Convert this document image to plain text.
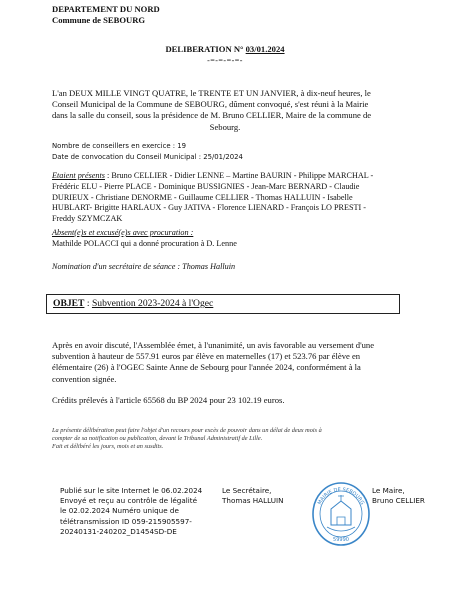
DEPARTEMENT DU NORD
Commune de SEBOURG
DELIBERATION N° 03/01.2024
-=-=-=-=-
L'an DEUX MILLE VINGT QUATRE, le TRENTE ET UN JANVIER, à dix-neuf heures, le
Conseil Municipal de la Commune de SEBOURG, dûment convoqué, s'est réuni à la Mairie
dans la salle du conseil, sous la présidence de M. Bruno CELLIER, Maire de la commune de
Sebourg.
Nombre de conseillers en exercice : 19
Date de convocation du Conseil Municipal : 25/01/2024
Etaient présents : Bruno CELLIER - Didier LENNE – Martine BAURIN - Philippe MARCHAL -
Frédéric ELU - Pierre PLACE - Dominique BUSSIGNIES - Jean-Marc BERNARD - Claudie
DURIEUX - Christiane DENORME - Guillaume CELLIER - Thomas HALLUIN - Isabelle
HUBLART- Brigitte HARLAUX - Guy JATIVA - Florence LIENARD - François LO PRESTI -
Freddy SZYMCZAK
Absent(e)s et excusé(e)s avec procuration :
Mathilde POLACCI qui a donné procuration à D. Lenne
Nomination d'un secrétaire de séance : Thomas Halluin
OBJET : Subvention 2023-2024 à l'Ogec
Après en avoir discuté, l'Assemblée émet, à l'unanimité, un avis favorable au versement d'une
subvention à hauteur de 557.91 euros par élève en maternelles (17) et 523.76 par élève en
élémentaire (26) à l'OGEC Sainte Anne de Sebourg pour l'année 2024, conformément à la
convention signée.
Crédits prélevés à l'article 65568 du BP 2024 pour 23 102.19 euros.
La présente délibération peut faire l'objet d'un recours pour excès de pouvoir dans un délai de deux mois à
compter de sa notification ou publication, devant le Tribunal Administratif de Lille.
Fait et délibéré les jours, mois et an susdits.
Publié sur le site Internet le 06.02.2024
Envoyé et reçu au contrôle de légalité
le 02.02.2024 Numéro unique de
télétransmission ID 059-215905597-
20240131-240202_D1454SD-DE
Le Secrétaire,
Thomas HALLUIN	MAIRIE DE SEBOURG
59990
Le Maire,
Bruno CELLIER
